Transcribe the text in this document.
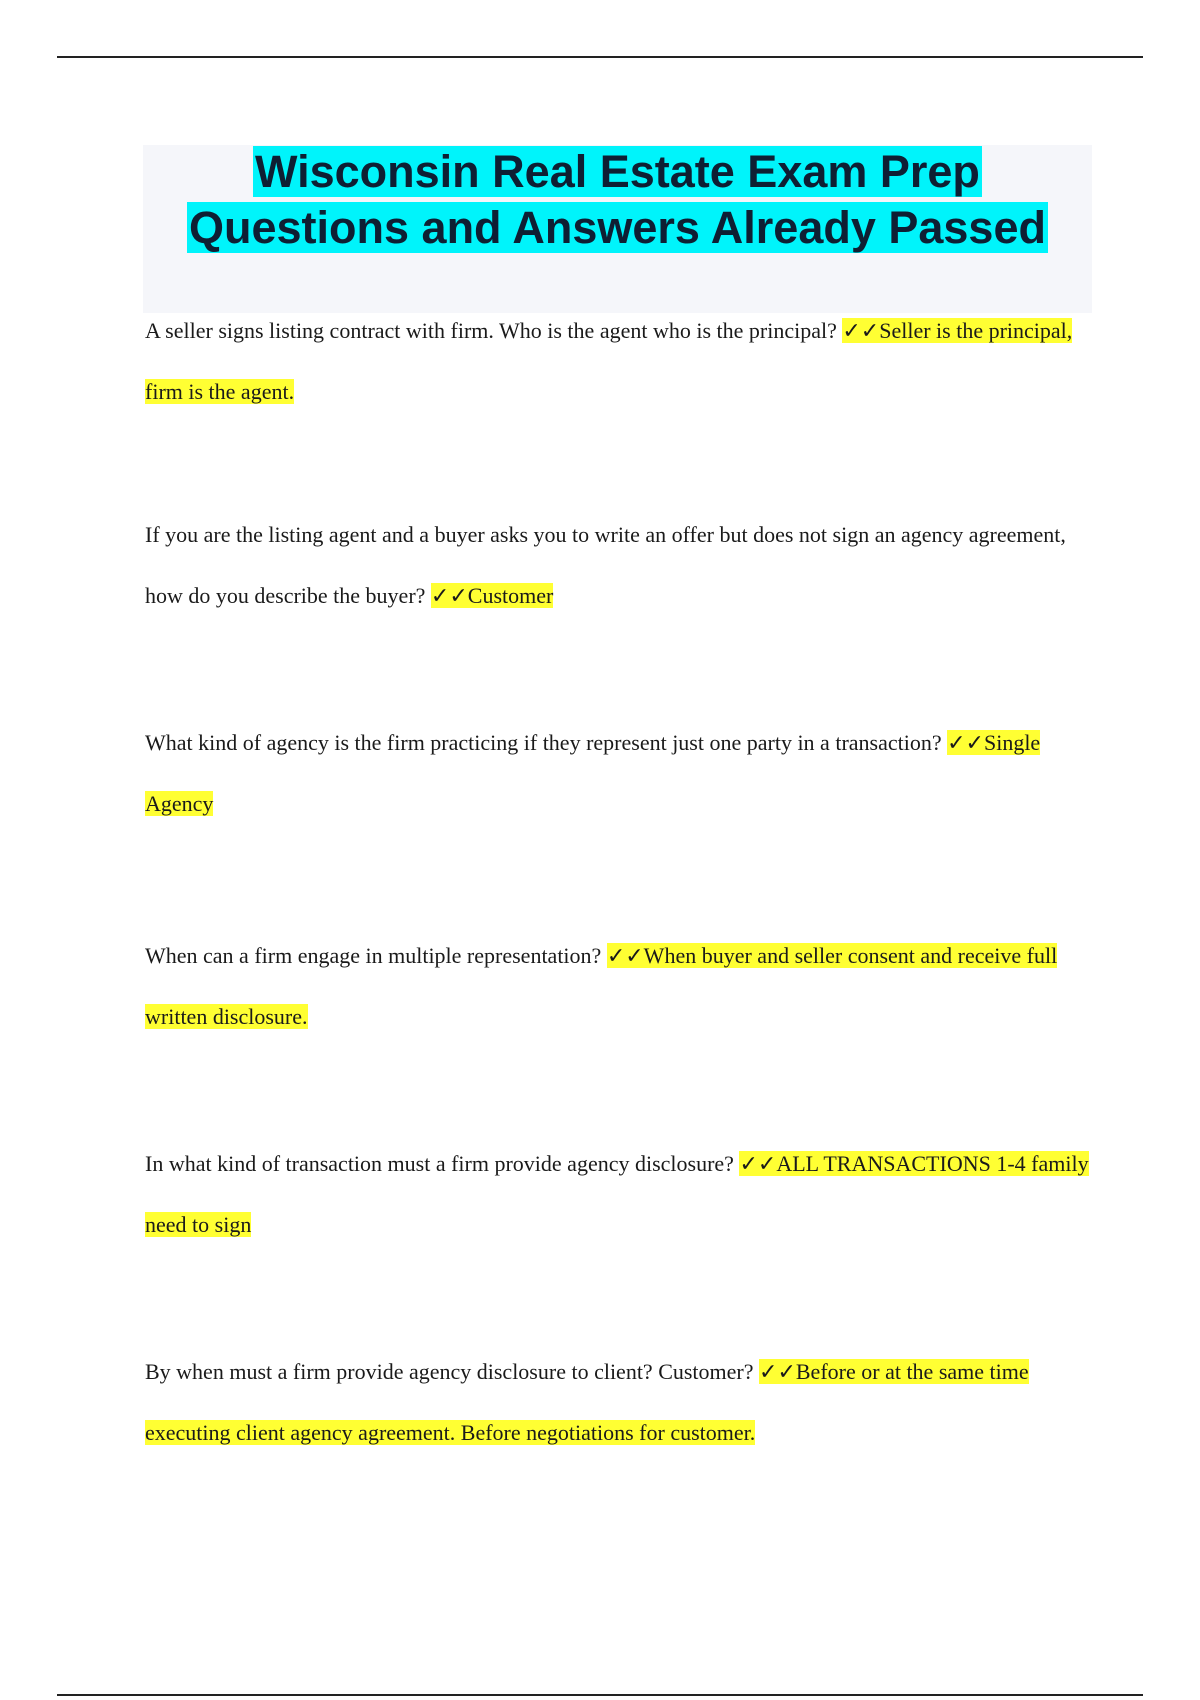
Wisconsin Real Estate Exam Prep
Questions and Answers Already Passed

A seller signs listing contract with firm. Who is the agent who is the principal? ✓✓Seller is the principal, firm is the agent.

If you are the listing agent and a buyer asks you to write an offer but does not sign an agency agreement, how do you describe the buyer? ✓✓Customer

What kind of agency is the firm practicing if they represent just one party in a transaction? ✓✓Single Agency

When can a firm engage in multiple representation? ✓✓When buyer and seller consent and receive full written disclosure.

In what kind of transaction must a firm provide agency disclosure? ✓✓ALL TRANSACTIONS 1-4 family need to sign

By when must a firm provide agency disclosure to client? Customer? ✓✓Before or at the same time executing client agency agreement. Before negotiations for customer.
